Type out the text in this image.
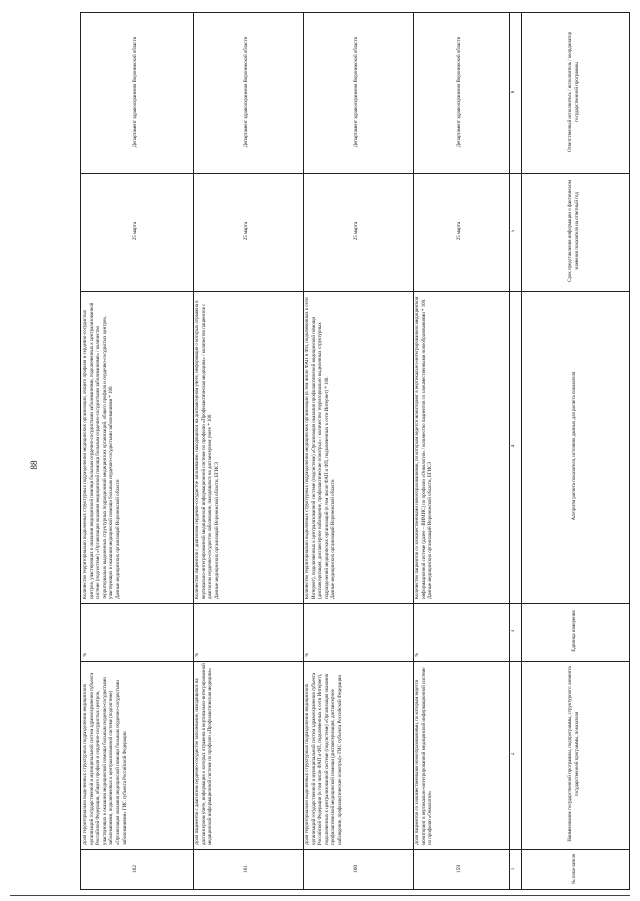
88
№ пока-зателя
Наименование государственной программы, подпрограммы, структурного элемента государственной программы, показателя
Единица измерения
Алгоритм расчета показателя, источник данных для расчета показателя
Срок представления информации о фактическом значении показателя на отчетный год
Ответственный исполнитель / исполнитель / координатор государственной программы
1
2
3
4
5
6
159
Доля пациентов со злокачественными новообразованиями, по которым ведется мониторинг в вертикально-интегрированной медицинской информационной системе по профилю «Онкология»
%
Количество пациентов со злокачественными новообразованиями, по которым ведется мониторинг в вертикально-интегрированной медицинской информационной системе (далее – ВИМИС) по профилю «Онкология» / количество пациентов со злокачественными новообразованиями * 100. Данные медицинских организаций Воронежской области, ЕГИСЗ
25 марта
Департамент здравоохранения Воронежской области
160
Доля территориально выделенных структурных подразделений медицинских организаций государственной и муниципальной систем здравоохранения субъекта Российской Федерации (в том числе ФАП и ФП, подключенных к сети Интернет), подключенных к централизованной системе (подсистеме) «Организация оказания профилактической медицинской помощи (диспансеризация, диспансерное наблюдение, профилактические осмотры)» ГИС субъекта Российской Федерации
%
Количество территориально выделенных структурных подразделений медицинских организаций (в том числе ФАП и ФП, подключенных к сети Интернет), подключенных к централизованной системе (подсистеме) «Организация оказания профилактической медицинской помощи (диспансеризация, диспансерное наблюдение, профилактические осмотры)» / количество территориально выделенных структурных подразделений медицинских организаций (в том числе ФАП и ФП, подключенных к сети Интернет) * 100. Данные медицинских организаций Воронежской области
25 марта
Департамент здравоохранения Воронежской области
161
Доля пациентов с диагнозом сердечно-сосудистое заболевание, находящихся на диспансерном учете, информация о которых отражена в вертикально-интегрированной медицинской информационной системе по профилю «Профилактическая медицина»
%
Количество пациентов с диагнозом сердечно-сосудистое заболевание, находящихся на диспансерном учете, информация о которых отражена в вертикально-интегрированной медицинской информационной системе по профилю «Профилактическая медицина» / количество пациентов с диагнозом сердечно-сосудистое заболевание, находящихся на диспансерном учете * 100. Данные медицинских организаций Воронежской области, ЕГИСЗ
25 марта
Департамент здравоохранения Воронежской области
162
Доля территориально выделенных структурных подразделений медицинских организаций государственной и муниципальной систем здравоохранения субъекта Российской Федерации, общего профиля и сердечно-сосудистых центров, участвующих в оказании медицинской помощи больным сердечно-сосудистыми заболеваниями, подключенных к централизованной системе (подсистеме) «Организация оказания медицинской помощи больным сердечно-сосудистыми заболеваниями» ГИС субъекта Российской Федерации
%
Количество территориально выделенных структурных подразделений медицинских организаций, общего профиля и сердечно-сосудистых центров, участвующих в оказании медицинской помощи больным сердечно-сосудистыми заболеваниями, подключенных к централизованной системе (подсистеме) «Организация оказания медицинской помощи больным сердечно-сосудистыми заболеваниями» / количество территориально выделенных структурных подразделений медицинских организаций, общего профиля и сердечно-сосудистых центров, участвующих в оказании медицинской помощи больным сердечно-сосудистыми заболеваниями * 100. Данные медицинских организаций Воронежской области
25 марта
Департамент здравоохранения Воронежской области
